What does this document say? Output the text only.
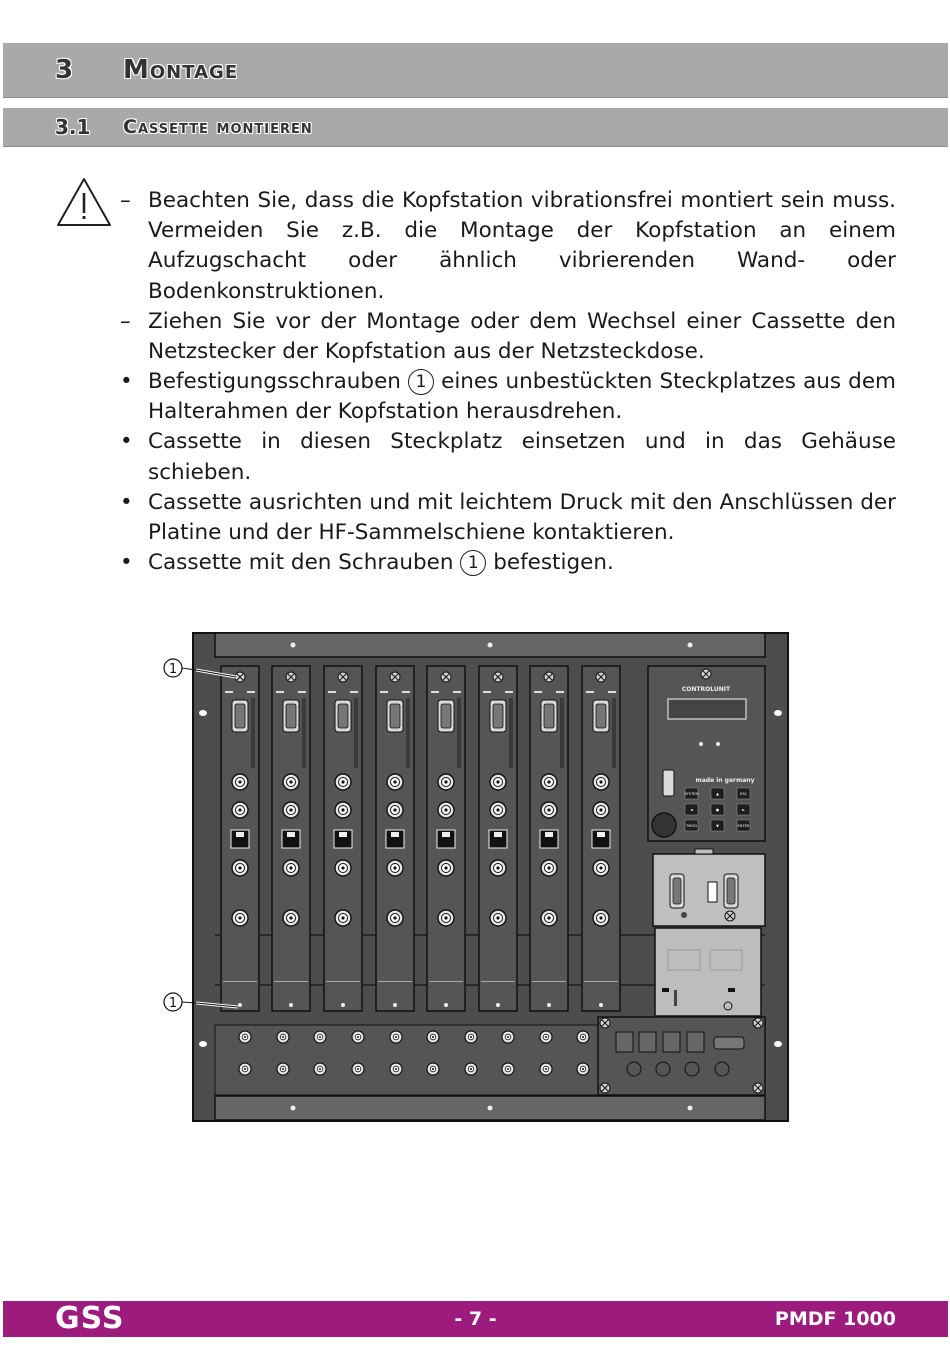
3 Montage
3.1 Cassette montieren
– Beachten Sie, dass die Kopfstation vibrationsfrei montiert sein muss. Vermeiden Sie z.B. die Montage der Kopfstation an einem Aufzugschacht oder ähnlich vibrierenden Wand- oder Bodenkonstruktionen.
– Ziehen Sie vor der Montage oder dem Wechsel einer Cassette den Netzstecker der Kopfstation aus der Netzsteckdose.
• Befestigungsschrauben 1 eines unbestückten Steckplatzes aus dem Halterahmen der Kopfstation herausdrehen.
• Cassette in diesen Steckplatz einsetzen und in das Gehäuse schieben.
• Cassette ausrichten und mit leichtem Druck mit den Anschlüssen der Platine und der HF-Sammelschiene kontaktieren.
• Cassette mit den Schrauben 1 befestigen.
CONTROLUNIT
made in germany
SYSTEM	▲	ESC
◄	●	►
TMOD	▼	ENTER
1
1
GSS	- 7 -	PMDF 1000
